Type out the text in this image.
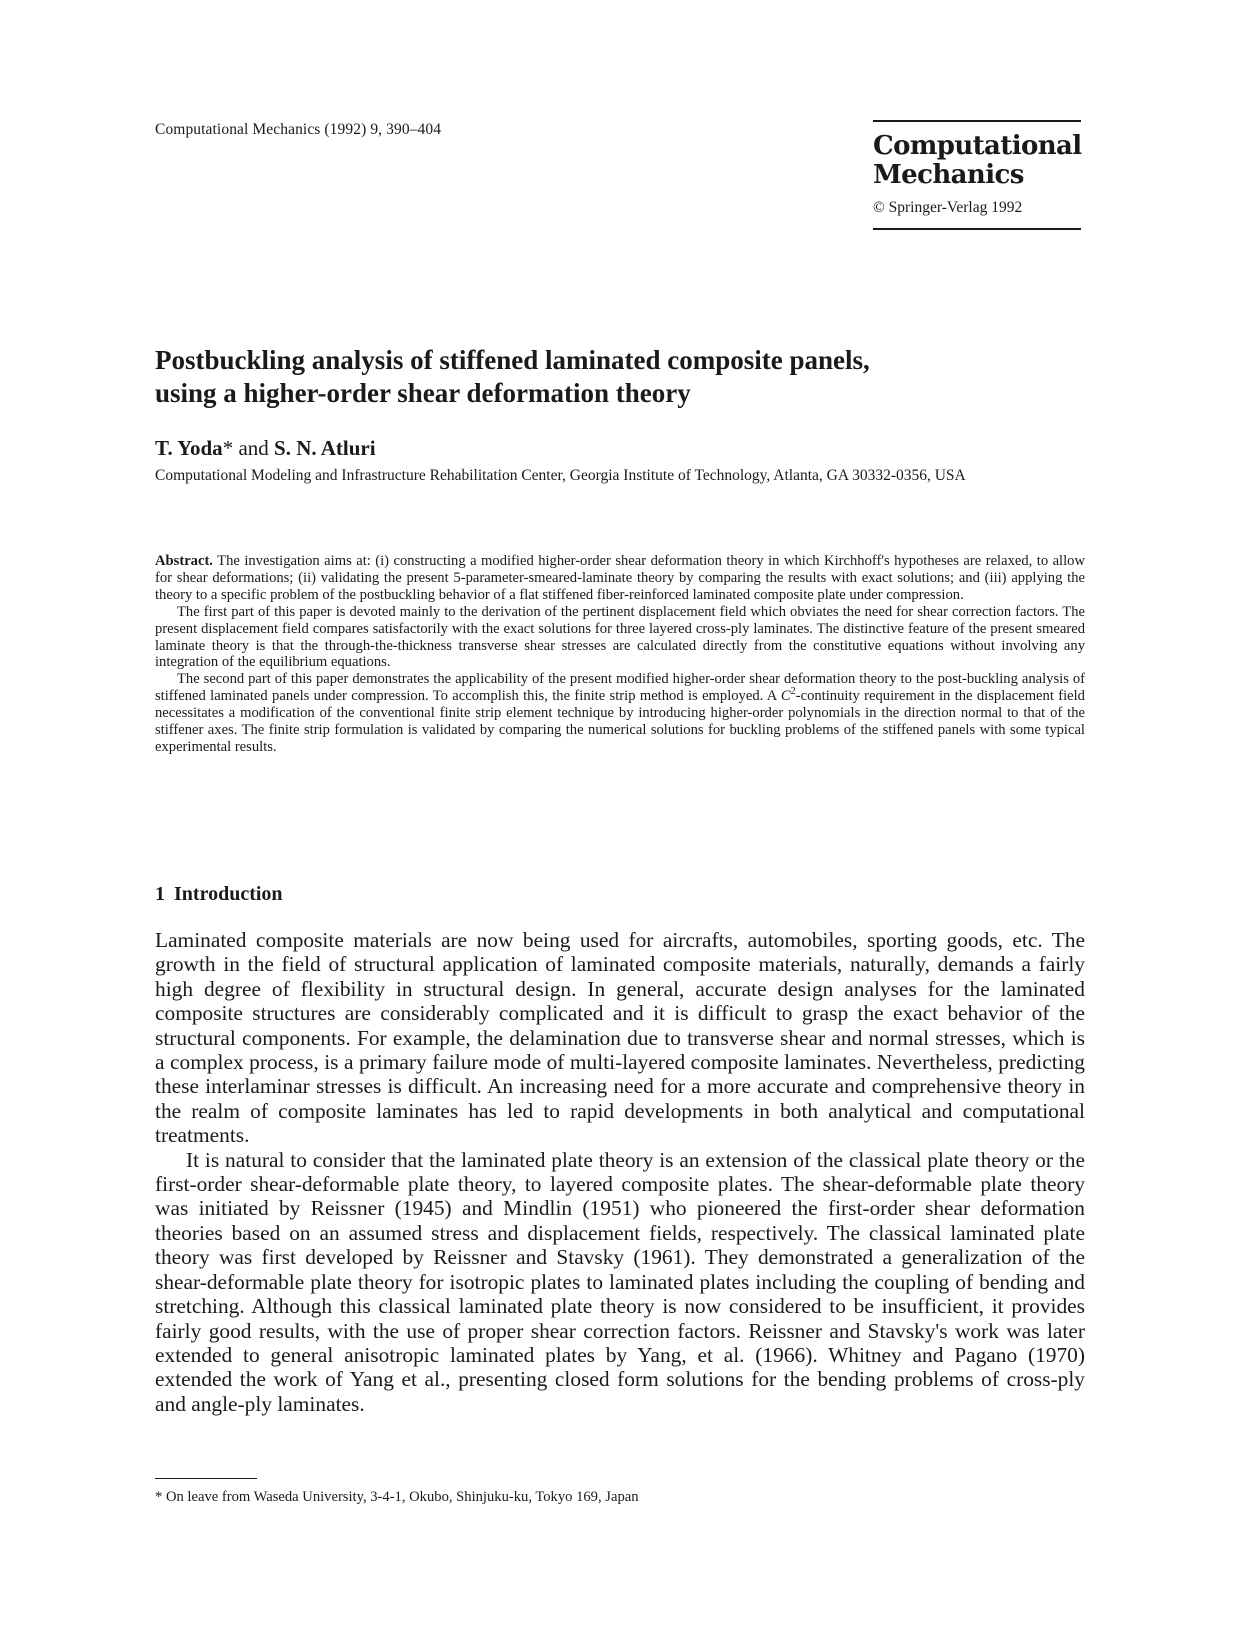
Computational Mechanics (1992) 9, 390–404
Computational
Mechanics
© Springer-Verlag 1992
Postbuckling analysis of stiffened laminated composite panels,
using a higher-order shear deformation theory
T. Yoda* and S. N. Atluri
Computational Modeling and Infrastructure Rehabilitation Center, Georgia Institute of Technology, Atlanta, GA 30332-0356, USA

Abstract. The investigation aims at: (i) constructing a modified higher-order shear deformation theory in which Kirchhoff's hypotheses are relaxed, to allow for shear deformations; (ii) validating the present 5-parameter-smeared-laminate theory by comparing the results with exact solutions; and (iii) applying the theory to a specific problem of the postbuckling behavior of a flat stiffened fiber-reinforced laminated composite plate under compression.

The first part of this paper is devoted mainly to the derivation of the pertinent displacement field which obviates the need for shear correction factors. The present displacement field compares satisfactorily with the exact solutions for three layered cross-ply laminates. The distinctive feature of the present smeared laminate theory is that the through-the-thickness transverse shear stresses are calculated directly from the constitutive equations without involving any integration of the equilibrium equations.

The second part of this paper demonstrates the applicability of the present modified higher-order shear deformation theory to the post-buckling analysis of stiffened laminated panels under compression. To accomplish this, the finite strip method is employed. A $C^2$-continuity requirement in the displacement field necessitates a modification of the conventional finite strip element technique by introducing higher-order polynomials in the direction normal to that of the stiffener axes. The finite strip formulation is validated by comparing the numerical solutions for buckling problems of the stiffened panels with some typical experimental results.

1 Introduction

Laminated composite materials are now being used for aircrafts, automobiles, sporting goods, etc. The growth in the field of structural application of laminated composite materials, naturally, demands a fairly high degree of flexibility in structural design. In general, accurate design analyses for the laminated composite structures are considerably complicated and it is difficult to grasp the exact behavior of the structural components. For example, the delamination due to transverse shear and normal stresses, which is a complex process, is a primary failure mode of multi-layered composite laminates. Nevertheless, predicting these interlaminar stresses is difficult. An increasing need for a more accurate and comprehensive theory in the realm of composite laminates has led to rapid developments in both analytical and computational treatments.

It is natural to consider that the laminated plate theory is an extension of the classical plate theory or the first-order shear-deformable plate theory, to layered composite plates. The shear-deformable plate theory was initiated by Reissner (1945) and Mindlin (1951) who pioneered the first-order shear deformation theories based on an assumed stress and displacement fields, respectively. The classical laminated plate theory was first developed by Reissner and Stavsky (1961). They demonstrated a generalization of the shear-deformable plate theory for isotropic plates to laminated plates including the coupling of bending and stretching. Although this classical laminated plate theory is now considered to be insufficient, it provides fairly good results, with the use of proper shear correction factors. Reissner and Stavsky's work was later extended to general anisotropic laminated plates by Yang, et al. (1966). Whitney and Pagano (1970) extended the work of Yang et al., presenting closed form solutions for the bending problems of cross-ply and angle-ply laminates.

* On leave from Waseda University, 3-4-1, Okubo, Shinjuku-ku, Tokyo 169, Japan
